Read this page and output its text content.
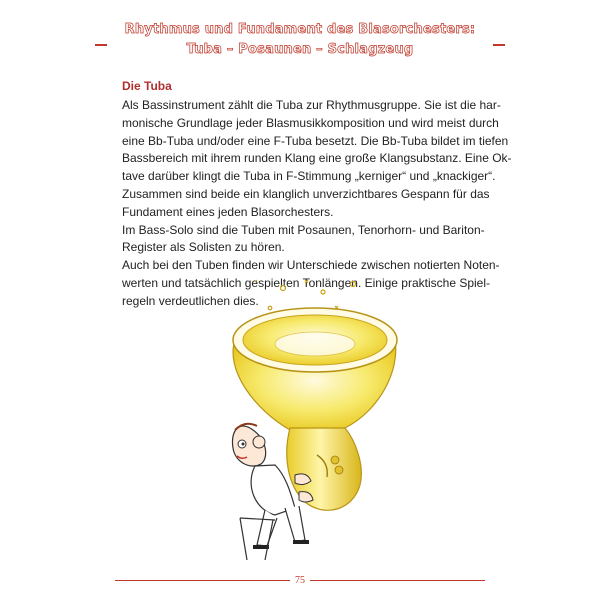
Rhythmus und Fundament des Blasorchesters:
Tuba – Posaunen – Schlagzeug
Die Tuba
Als Bassinstrument zählt die Tuba zur Rhythmusgruppe. Sie ist die har-
monische Grundlage jeder Blasmusikkomposition und wird meist durch
eine Bb-Tuba und/oder eine F-Tuba besetzt. Die Bb-Tuba bildet im tiefen
Bassbereich mit ihrem runden Klang eine große Klangsubstanz. Eine Ok-
tave darüber klingt die Tuba in F-Stimmung „kerniger“ und „knackiger“.
Zusammen sind beide ein klanglich unverzichtbares Gespann für das
Fundament eines jeden Blasorchesters.
Im Bass-Solo sind die Tuben mit Posaunen, Tenorhorn- und Bariton-
Register als Solisten zu hören.
Auch bei den Tuben finden wir Unterschiede zwischen notierten Noten-
werten und tatsächlich gespielten Tonlängen. Einige praktische Spiel-
regeln verdeutlichen dies.
75
